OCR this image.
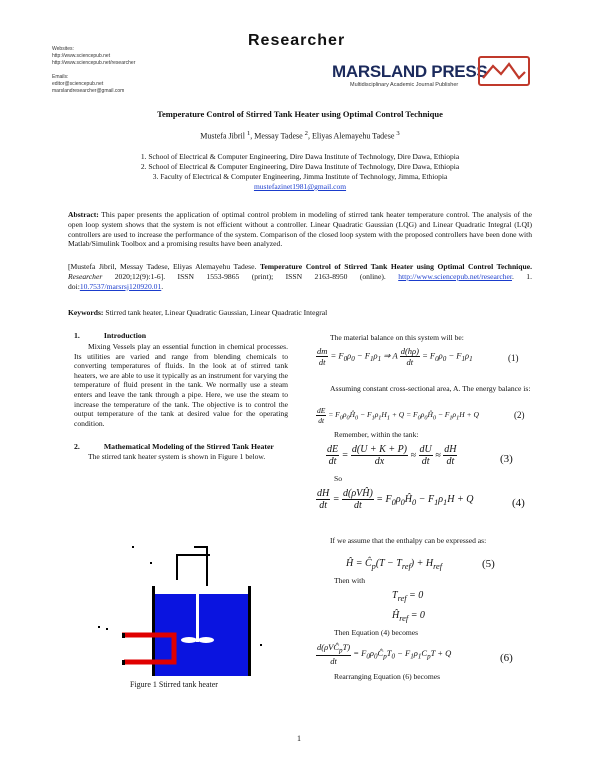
Websites:
http://www.sciencepub.net
http://www.sciencepub.net/researcher
Emails:
editor@sciencepub.net
marslandresearcher@gmail.com
Researcher
MARSLAND PRESS
Multidisciplinary Academic Journal Publisher
Temperature Control of Stirred Tank Heater using Optimal Control Technique
Mustefa Jibril $^1$, Messay Tadese $^2$, Eliyas Alemayehu Tadese $^3$
1. School of Electrical & Computer Engineering, Dire Dawa Institute of Technology, Dire Dawa, Ethiopia
2. School of Electrical & Computer Engineering, Dire Dawa Institute of Technology, Dire Dawa, Ethiopia
3. Faculty of Electrical & Computer Engineering, Jimma Institute of Technology, Jimma, Ethiopia
mustefazinet1981@gmail.com
Abstract: This paper presents the application of optimal control problem in modeling of stirred tank heater temperature control. The analysis of the open loop system shows that the system is not efficient without a controller. Linear Quadratic Gaussian (LQG) and Linear Quadratic Integral (LQI) controllers are used to increase the performance of the system. Comparison of the closed loop system with the proposed controllers have been done with Matlab/Simulink Toolbox and a promising results have been analyzed.
[Mustefa Jibril, Messay Tadese, Eliyas Alemayehu Tadese. Temperature Control of Stirred Tank Heater using Optimal Control Technique. Researcher 2020;12(9):1-6]. ISSN 1553-9865 (print); ISSN 2163-8950 (online). http://www.sciencepub.net/researcher. 1. doi:10.7537/marsrsj120920.01.
Keywords: Stirred tank heater, Linear Quadratic Gaussian, Linear Quadratic Integral
1.	Introduction
Mixing Vessels play an essential function in chemical processes. Its utilities are varied and range from blending chemicals to converting temperatures of fluids. In the look at of stirred tank heaters, we are able to use it typically as an instrument for varying the temperature of fluid present in the tank. We normally use a steam enters and leave the tank through a pipe. Here, we use the steam to increase the temperature of the tank. The objective is to control the output temperature of the tank at desired value for the operating condition.
2.	Mathematical Modeling of the Stirred Tank Heater
The stirred tank heater system is shown in Figure 1 below.
Figure 1 Stirred tank heater
The material balance on this system will be:
$\frac{dm}{dt} = F_0\rho_0 - F_1\rho_1$ ⇒ A $\frac{d(h\rho)}{dt} = F_0\rho_0 - F_1\rho_1$	(1)
Assuming constant cross-sectional area, A. The energy balance is:
$\frac{dE}{dt}$ = $F_0\rho_0Ĥ_0 - F_1\rho_1H_1 + Q$ = $F_0\rho_0Ĥ_0 - F_1\rho_1H + Q$	(2)
Remember, within the tank:
$\frac{dE}{dt} = \frac{d(U + K + P)}{dx} \approx \frac{dU}{dt} \approx \frac{dH}{dt}$	(3)
So
$\frac{dH}{dt} = \frac{\text{d(ρVĤ)}}{dt}$ = $F_0\rho_0Ĥ_0 - F_1\rho_1H + Q$	(4)
If we assume that the enthalpy can be expressed as:
Ĥ = $Ĉ_p(T - T_{ref}) + H_{ref}$	(5)
Then with
$T_{ref} = 0$
$Ĥ_{ref} = 0$
Then Equation (4) becomes
$\frac{d(\rho VĈ_pT)}{dt}$ = $F_0\rho_0Ĉ_pT_0 - F_1\rho_1C_pT + Q$	(6)
Rearranging Equation (6) becomes
1
